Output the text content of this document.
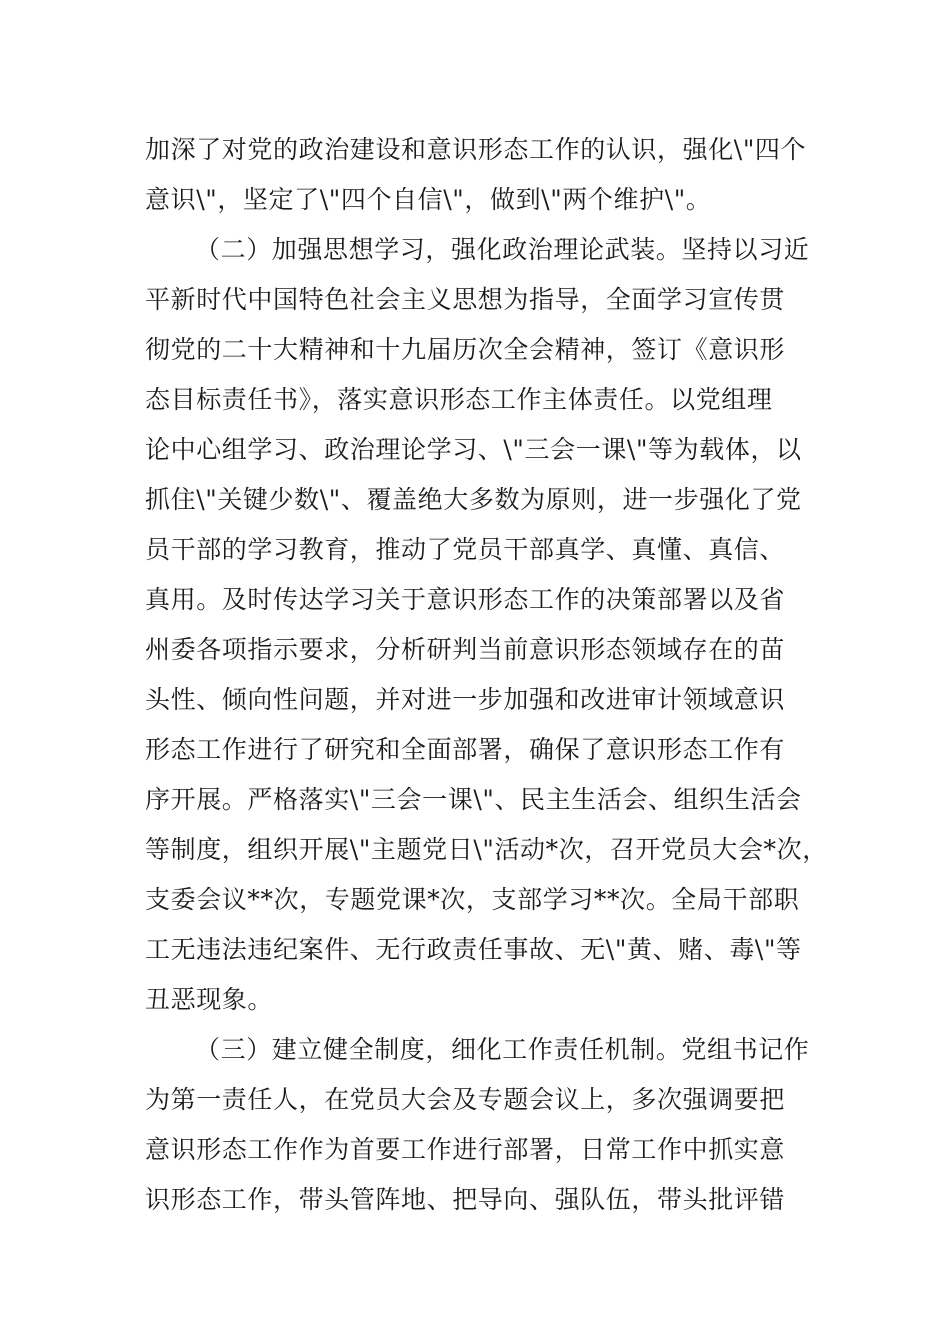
加深了对党的政治建设和意识形态工作的认识，强化\"四个
意识\"，坚定了\"四个自信\"，做到\"两个维护\"。
（二）加强思想学习，强化政治理论武装。坚持以习近
平新时代中国特色社会主义思想为指导，全面学习宣传贯
彻党的二十大精神和十九届历次全会精神，签订《意识形
态目标责任书》，落实意识形态工作主体责任。以党组理
论中心组学习、政治理论学习、\"三会一课\"等为载体，以
抓住\"关键少数\"、覆盖绝大多数为原则，进一步强化了党
员干部的学习教育，推动了党员干部真学、真懂、真信、
真用。及时传达学习关于意识形态工作的决策部署以及省
州委各项指示要求，分析研判当前意识形态领域存在的苗
头性、倾向性问题，并对进一步加强和改进审计领域意识
形态工作进行了研究和全面部署，确保了意识形态工作有
序开展。严格落实\"三会一课\"、民主生活会、组织生活会
等制度，组织开展\"主题党日\"活动*次，召开党员大会*次，
支委会议**次，专题党课*次，支部学习**次。全局干部职
工无违法违纪案件、无行政责任事故、无\"黄、赌、毒\"等
丑恶现象。
（三）建立健全制度，细化工作责任机制。党组书记作
为第一责任人，在党员大会及专题会议上，多次强调要把
意识形态工作作为首要工作进行部署，日常工作中抓实意
识形态工作，带头管阵地、把导向、强队伍，带头批评错
